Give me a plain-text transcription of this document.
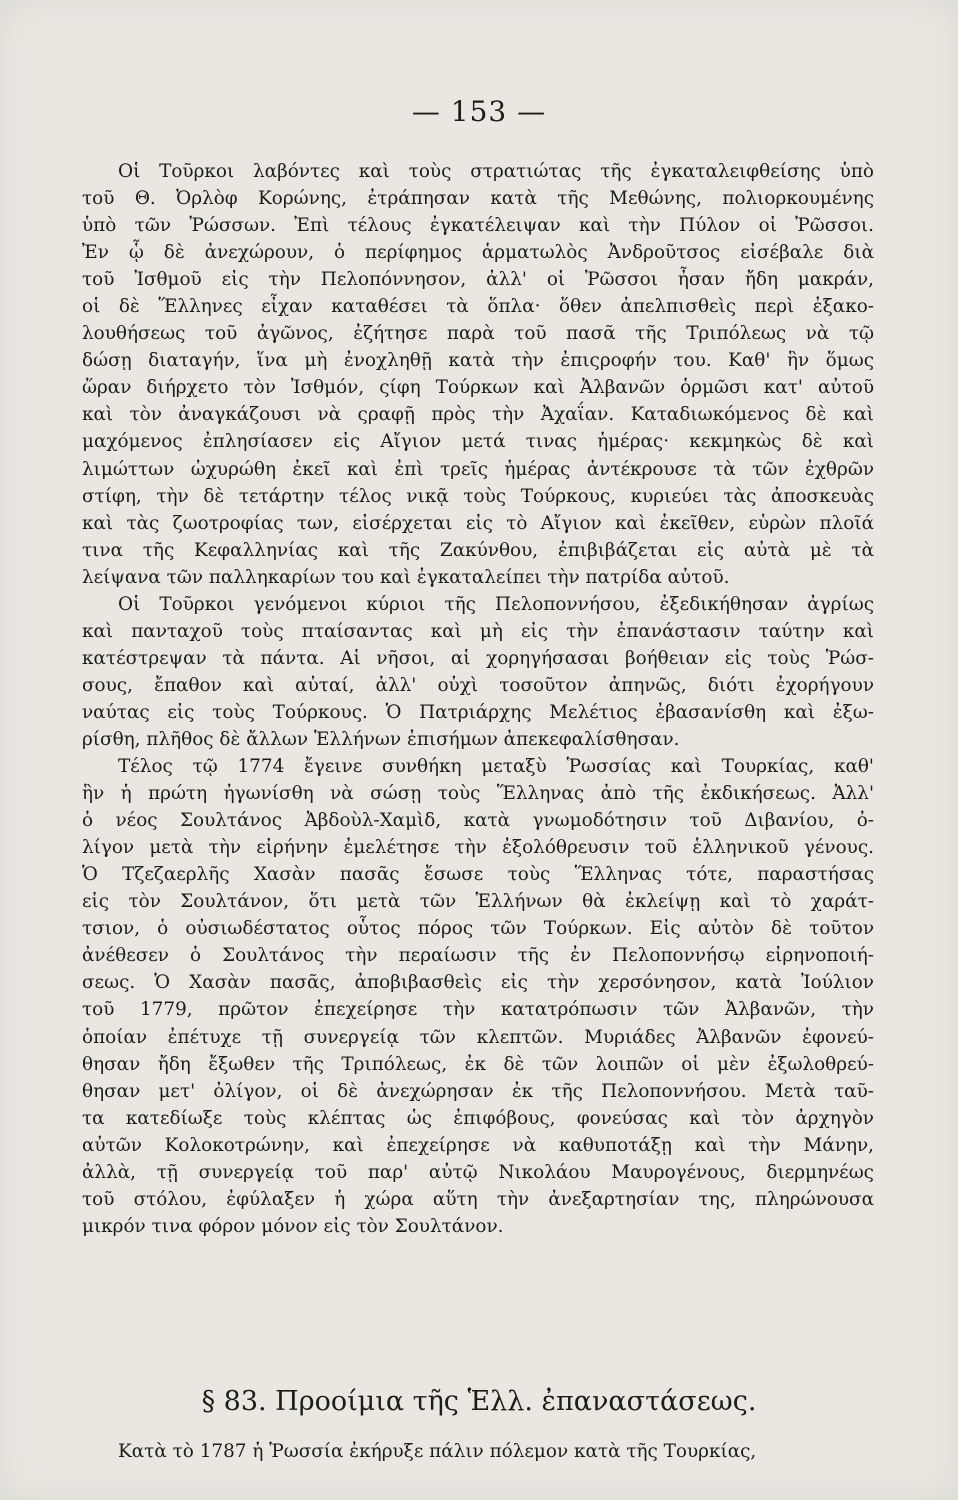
— 153 —
Οἱ Τοῦρκοι λαβόντες καὶ τοὺς στρατιώτας τῆς ἐγκαταλειφθείσης ὑπὸ
τοῦ Θ. Ὀρλὸφ Κορώνης, ἐτράπησαν κατὰ τῆς Μεθώνης, πολιορκουμένης
ὑπὸ τῶν Ῥώσσων. Ἐπὶ τέλους ἐγκατέλειψαν καὶ τὴν Πύλον οἱ Ῥῶσσοι.
Ἐν ᾧ δὲ ἀνεχώρουν, ὁ περίφημος ἁρματωλὸς Ἀνδροῦτσος εἰσέβαλε διὰ
τοῦ Ἰσθμοῦ εἰς τὴν Πελοπόννησον, ἀλλ' οἱ Ῥῶσσοι ἦσαν ἤδη μακράν,
οἱ δὲ Ἕλληνες εἶχαν καταθέσει τὰ ὅπλα· ὅθεν ἀπελπισθεὶς περὶ ἐξακο-
λουθήσεως τοῦ ἀγῶνος, ἐζήτησε παρὰ τοῦ πασᾶ τῆς Τριπόλεως νὰ τῷ
δώσῃ διαταγήν, ἵνα μὴ ἐνοχληθῇ κατὰ τὴν ἐπιςροφήν του. Καθ' ἣν ὅμως
ὥραν διήρχετο τὸν Ἰσθμόν, ςίφη Τούρκων καὶ Ἀλβανῶν ὁρμῶσι κατ' αὐτοῦ
καὶ τὸν ἀναγκάζουσι νὰ ςραφῇ πρὸς τὴν Ἀχαΐαν. Καταδιωκόμενος δὲ καὶ
μαχόμενος ἐπλησίασεν εἰς Αἴγιον μετά τινας ἡμέρας· κεκμηκὼς δὲ καὶ
λιμώττων ὠχυρώθη ἐκεῖ καὶ ἐπὶ τρεῖς ἡμέρας ἀντέκρουσε τὰ τῶν ἐχθρῶν
στίφη, τὴν δὲ τετάρτην τέλος νικᾷ τοὺς Τούρκους, κυριεύει τὰς ἀποσκευὰς
καὶ τὰς ζωοτροφίας των, εἰσέρχεται εἰς τὸ Αἴγιον καὶ ἐκεῖθεν, εὑρὼν πλοῖά
τινα τῆς Κεφαλληνίας καὶ τῆς Ζακύνθου, ἐπιβιβάζεται εἰς αὐτὰ μὲ τὰ
λείψανα τῶν παλληκαρίων του καὶ ἐγκαταλείπει τὴν πατρίδα αὐτοῦ.
Οἱ Τοῦρκοι γενόμενοι κύριοι τῆς Πελοποννήσου, ἐξεδικήθησαν ἀγρίως
καὶ πανταχοῦ τοὺς πταίσαντας καὶ μὴ εἰς τὴν ἐπανάστασιν ταύτην καὶ
κατέστρεψαν τὰ πάντα. Αἱ νῆσοι, αἱ χορηγήσασαι βοήθειαν εἰς τοὺς Ῥώσ-
σους, ἔπαθον καὶ αὐταί, ἀλλ' οὐχὶ τοσοῦτον ἀπηνῶς, διότι ἐχορήγουν
ναύτας εἰς τοὺς Τούρκους. Ὁ Πατριάρχης Μελέτιος ἐβασανίσθη καὶ ἐξω-
ρίσθη, πλῆθος δὲ ἄλλων Ἑλλήνων ἐπισήμων ἀπεκεφαλίσθησαν.
Τέλος τῷ 1774 ἔγεινε συνθήκη μεταξὺ Ῥωσσίας καὶ Τουρκίας, καθ'
ἣν ἡ πρώτη ἠγωνίσθη νὰ σώσῃ τοὺς Ἕλληνας ἀπὸ τῆς ἐκδικήσεως. Ἀλλ'
ὁ νέος Σουλτάνος Ἀβδοὺλ-Χαμὶδ, κατὰ γνωμοδότησιν τοῦ Διβανίου, ὀ-
λίγον μετὰ τὴν εἰρήνην ἐμελέτησε τὴν ἐξολόθρευσιν τοῦ ἑλληνικοῦ γένους.
Ὁ Τζεζαερλῆς Χασὰν πασᾶς ἔσωσε τοὺς Ἕλληνας τότε, παραστήσας
εἰς τὸν Σουλτάνον, ὅτι μετὰ τῶν Ἑλλήνων θὰ ἐκλείψῃ καὶ τὸ χαράτ-
τσιον, ὁ οὐσιωδέστατος οὗτος πόρος τῶν Τούρκων. Εἰς αὐτὸν δὲ τοῦτον
ἀνέθεσεν ὁ Σουλτάνος τὴν περαίωσιν τῆς ἐν Πελοποννήσῳ εἰρηνοποιή-
σεως. Ὁ Χασὰν πασᾶς, ἀποβιβασθεὶς εἰς τὴν χερσόνησον, κατὰ Ἰούλιον
τοῦ 1779, πρῶτον ἐπεχείρησε τὴν κατατρόπωσιν τῶν Ἀλβανῶν, τὴν
ὁποίαν ἐπέτυχε τῇ συνεργείᾳ τῶν κλεπτῶν. Μυριάδες Ἀλβανῶν ἐφονεύ-
θησαν ἤδη ἔξωθεν τῆς Τριπόλεως, ἐκ δὲ τῶν λοιπῶν οἱ μὲν ἐξωλοθρεύ-
θησαν μετ' ὀλίγον, οἱ δὲ ἀνεχώρησαν ἐκ τῆς Πελοποννήσου. Μετὰ ταῦ-
τα κατεδίωξε τοὺς κλέπτας ὡς ἐπιφόβους, φονεύσας καὶ τὸν ἀρχηγὸν
αὐτῶν Κολοκοτρώνην, καὶ ἐπεχείρησε νὰ καθυποτάξῃ καὶ τὴν Μάνην,
ἀλλὰ, τῇ συνεργείᾳ τοῦ παρ' αὐτῷ Νικολάου Μαυρογένους, διερμηνέως
τοῦ στόλου, ἐφύλαξεν ἡ χώρα αὕτη τὴν ἀνεξαρτησίαν της, πληρώνουσα
μικρόν τινα φόρον μόνον εἰς τὸν Σουλτάνον.
§ 83. Προοίμια τῆς Ἑλλ. ἐπαναστάσεως.
Κατὰ τὸ 1787 ἡ Ῥωσσία ἐκήρυξε πάλιν πόλεμον κατὰ τῆς Τουρκίας,
